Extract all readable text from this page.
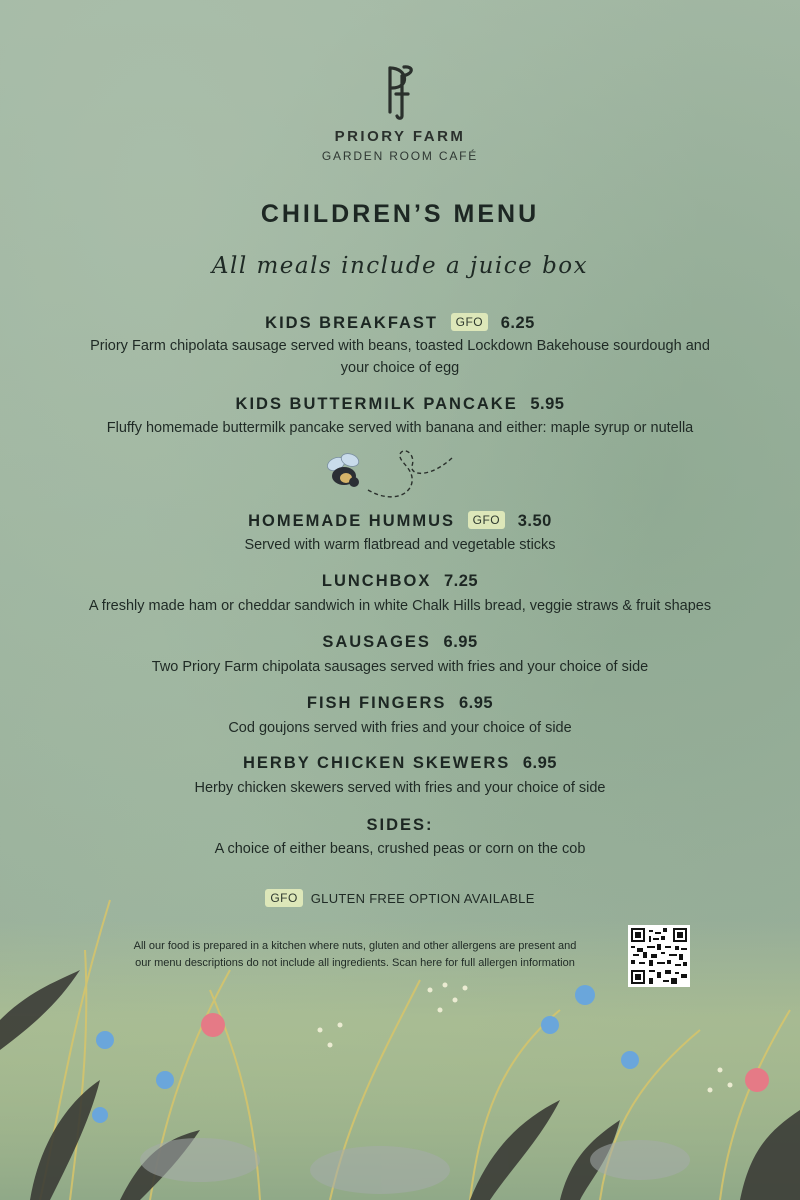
PRIORY FARM
GARDEN ROOM CAFÉ
CHILDREN’S MENU
All meals include a juice box
KIDS BREAKFAST GFO 6.25
Priory Farm chipolata sausage served with beans, toasted Lockdown Bakehouse sourdough and your choice of egg
KIDS BUTTERMILK PANCAKE 5.95
Fluffy homemade buttermilk pancake served with banana and either: maple syrup or nutella
HOMEMADE HUMMUS GFO 3.50
Served with warm flatbread and vegetable sticks
LUNCHBOX 7.25
A freshly made ham or cheddar sandwich in white Chalk Hills bread, veggie straws & fruit shapes
SAUSAGES 6.95
Two Priory Farm chipolata sausages served with fries and your choice of side
FISH FINGERS 6.95
Cod goujons served with fries and your choice of side
HERBY CHICKEN SKEWERS 6.95
Herby chicken skewers served with fries and your choice of side
SIDES:
A choice of either beans, crushed peas or corn on the cob
GFO GLUTEN FREE OPTION AVAILABLE
All our food is prepared in a kitchen where nuts, gluten and other allergens are present and
our menu descriptions do not include all ingredients. Scan here for full allergen information
